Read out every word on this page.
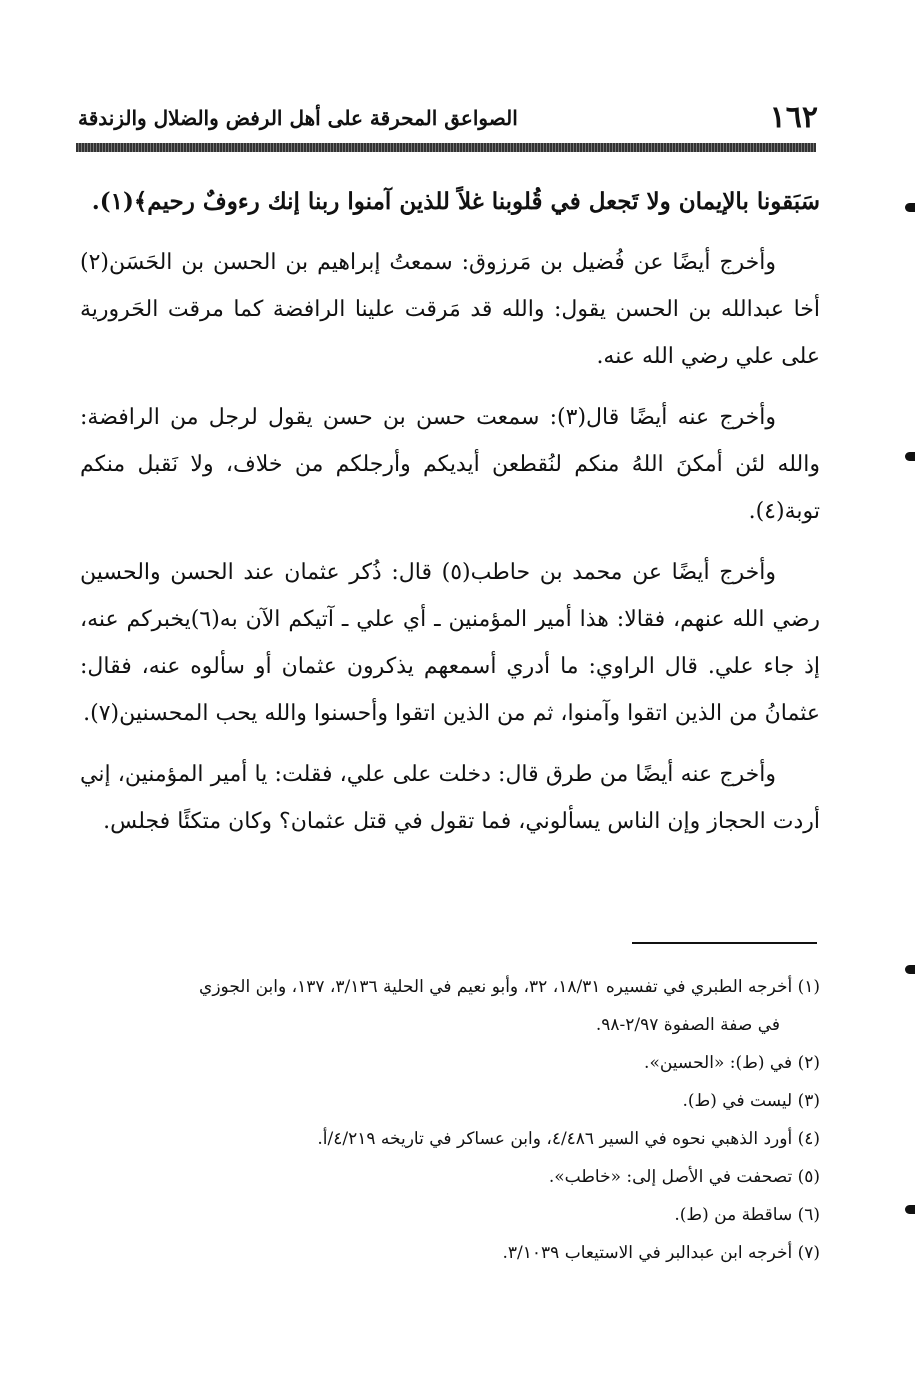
١٦٢
الصواعق المحرقة على أهل الرفض والضلال والزندقة

سَبَقونا بالإيمان ولا تَجعل في قُلوبنا غلاً للذين آمنوا ربنا إنك رءوفٌ رحيم﴾(١).

وأخرج أيضًا عن فُضيل بن مَرزوق: سمعتُ إبراهيم بن الحسن بن الحَسَن(٢) أخا عبدالله بن الحسن يقول: والله قد مَرقت علينا الرافضة كما مرقت الحَرورية على علي رضي الله عنه.

وأخرج عنه أيضًا قال(٣): سمعت حسن بن حسن يقول لرجل من الرافضة: والله لئن أمكنَ اللهُ منكم لنُقطعن أيديكم وأرجلكم من خلاف، ولا نَقبل منكم توبة(٤).

وأخرج أيضًا عن محمد بن حاطب(٥) قال: ذُكر عثمان عند الحسن والحسين رضي الله عنهم، فقالا: هذا أمير المؤمنين ـ أي علي ـ آتيكم الآن به(٦)يخبركم عنه، إذ جاء علي. قال الراوي: ما أدري أسمعهم يذكرون عثمان أو سألوه عنه، فقال: عثمانُ من الذين اتقوا وآمنوا، ثم من الذين اتقوا وأحسنوا والله يحب المحسنين(٧).

وأخرج عنه أيضًا من طرق قال: دخلت على علي، فقلت: يا أمير المؤمنين، إني أردت الحجاز وإن الناس يسألوني، فما تقول في قتل عثمان؟ وكان متكئًا فجلس.

(١) أخرجه الطبري في تفسيره ١٨/٣١، ٣٢، وأبو نعيم في الحلية ٣/١٣٦، ١٣٧، وابن الجوزي

في صفة الصفوة ٢/٩٧-٩٨.

(٢) في (ط): «الحسين».

(٣) ليست في (ط).

(٤) أورد الذهبي نحوه في السير ٤/٤٨٦، وابن عساكر في تاريخه ٤/٢١٩/أ.

(٥) تصحفت في الأصل إلى: «خاطب».

(٦) ساقطة من (ط).

(٧) أخرجه ابن عبدالبر في الاستيعاب ٣/١٠٣٩.
